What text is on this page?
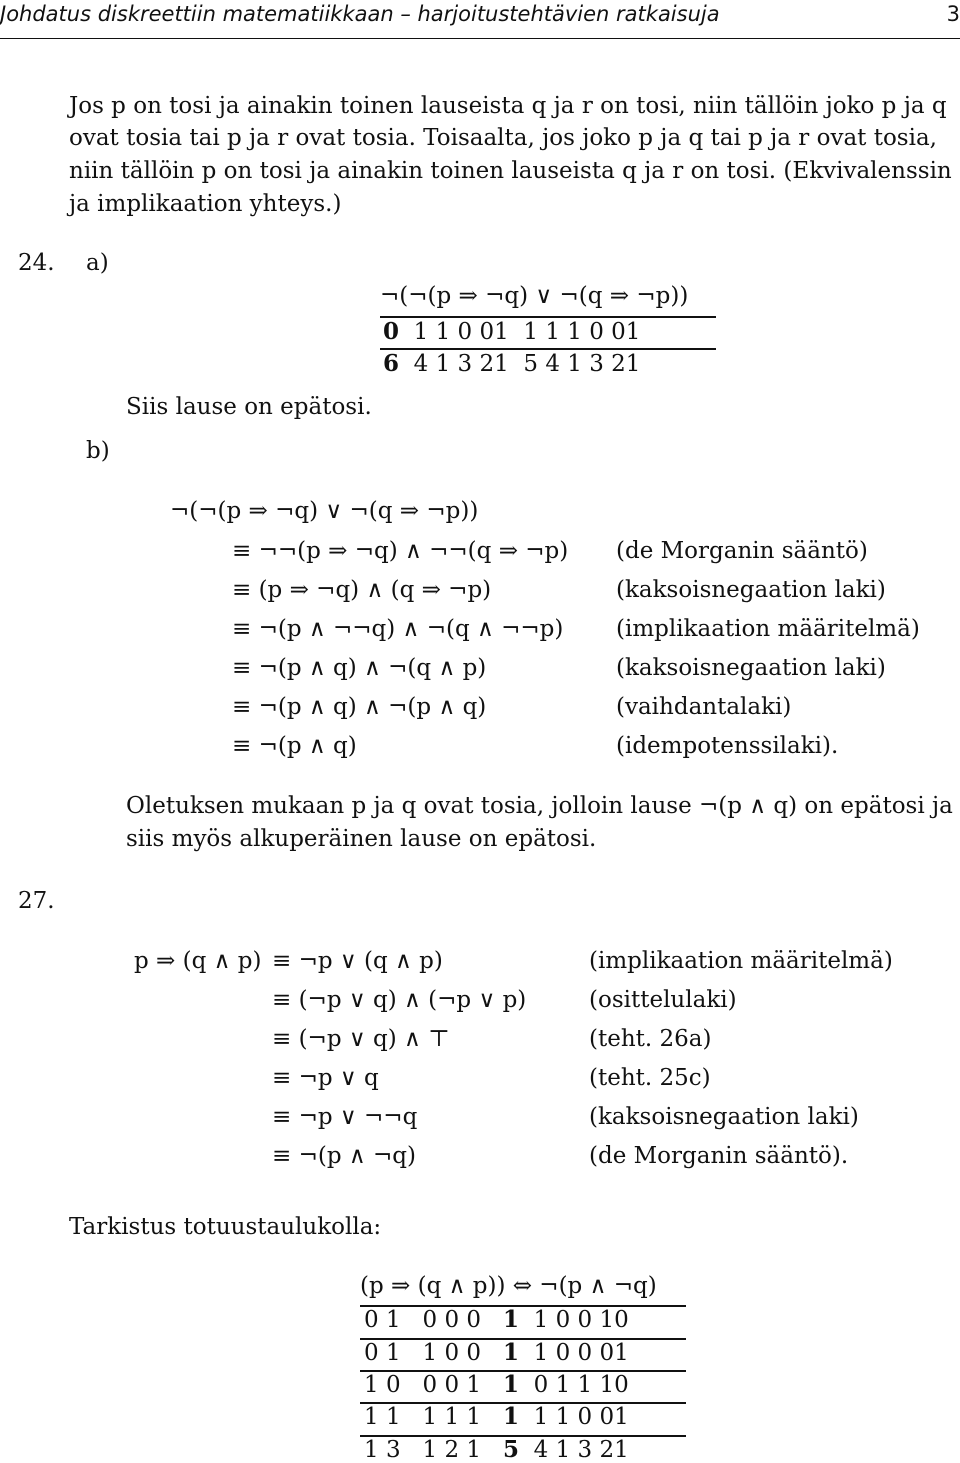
Johdatus diskreettiin matematiikkaan – harjoitustehtävien ratkaisuja	3
Jos p on tosi ja ainakin toinen lauseista q ja r on tosi, niin tällöin joko p ja q
ovat tosia tai p ja r ovat tosia. Toisaalta, jos joko p ja q tai p ja r ovat tosia,
niin tällöin p on tosi ja ainakin toinen lauseista q ja r on tosi. (Ekvivalenssin
ja implikaation yhteys.)
24. a)
¬(¬(p ⇒ ¬q) ∨ ¬(q ⇒ ¬p))
0 1 1 0 01 1 1 1 0 01
6 4 1 3 21 5 4 1 3 21
Siis lause on epätosi.
b)
¬(¬(p ⇒ ¬q) ∨ ¬(q ⇒ ¬p))
≡ ¬¬(p ⇒ ¬q) ∧ ¬¬(q ⇒ ¬p) (de Morganin sääntö)
≡ (p ⇒ ¬q) ∧ (q ⇒ ¬p)	(kaksoisnegaation laki)
≡ ¬(p ∧ ¬¬q) ∧ ¬(q ∧ ¬¬p) (implikaation määritelmä)
≡ ¬(p ∧ q) ∧ ¬(q ∧ p)	(kaksoisnegaation laki)
≡ ¬(p ∧ q) ∧ ¬(p ∧ q)	(vaihdantalaki)
≡ ¬(p ∧ q)	(idempotenssilaki).
Oletuksen mukaan p ja q ovat tosia, jolloin lause ¬(p ∧ q) on epätosi ja
siis myös alkuperäinen lause on epätosi.
27.
p ⇒ (q ∧ p) ≡ ¬p ∨ (q ∧ p)	(implikaation määritelmä)
≡ (¬p ∨ q) ∧ (¬p ∨ p)	(osittelulaki)
≡ (¬p ∨ q) ∧ ⊤	(teht. 26a)
≡ ¬p ∨ q	(teht. 25c)
≡ ¬p ∨ ¬¬q	(kaksoisnegaation laki)
≡ ¬(p ∧ ¬q)	(de Morganin sääntö).
Tarkistus totuustaulukolla:
(p ⇒ (q ∧ p)) ⇔ ¬(p ∧ ¬q)
0 1 0 0 0 1 1 0 0 10
0 1 1 0 0 1 1 0 0 01
1 0 0 0 1 1 0 1 1 10
1 1 1 1 1 1 1 1 0 01
1 3 1 2 1 5 4 1 3 21
